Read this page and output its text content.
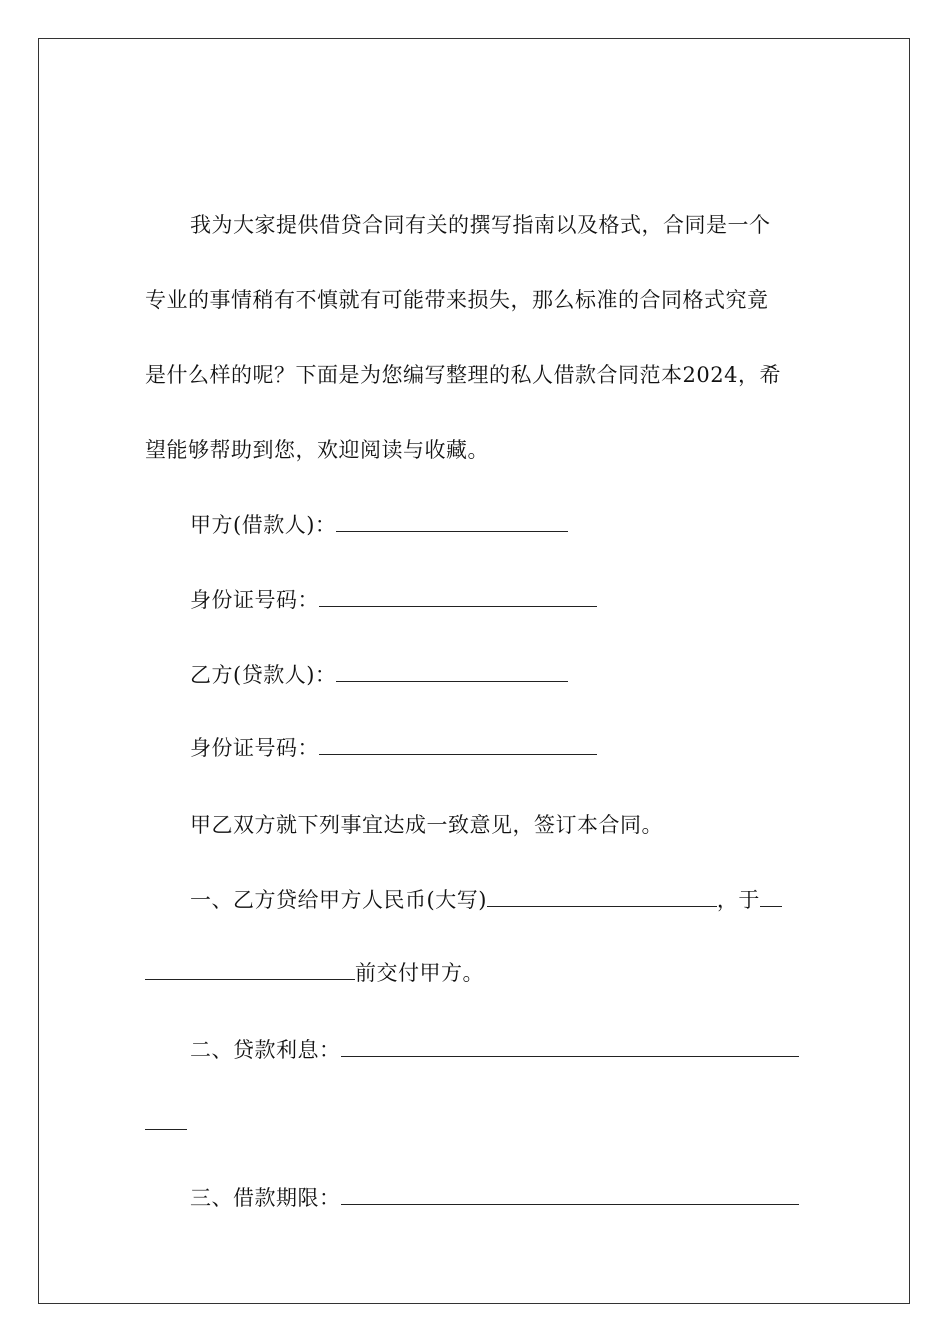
我为大家提供借贷合同有关的撰写指南以及格式，合同是一个
专业的事情稍有不慎就有可能带来损失，那么标准的合同格式究竟
是什么样的呢？下面是为您编写整理的私人借款合同范本2024，希
望能够帮助到您，欢迎阅读与收藏。
甲方(借款人)：
身份证号码：
乙方(贷款人)：
身份证号码：
甲乙双方就下列事宜达成一致意见，签订本合同。
一、乙方贷给甲方人民币(大写)	，于
前交付甲方。
二、贷款利息：
三、借款期限：
